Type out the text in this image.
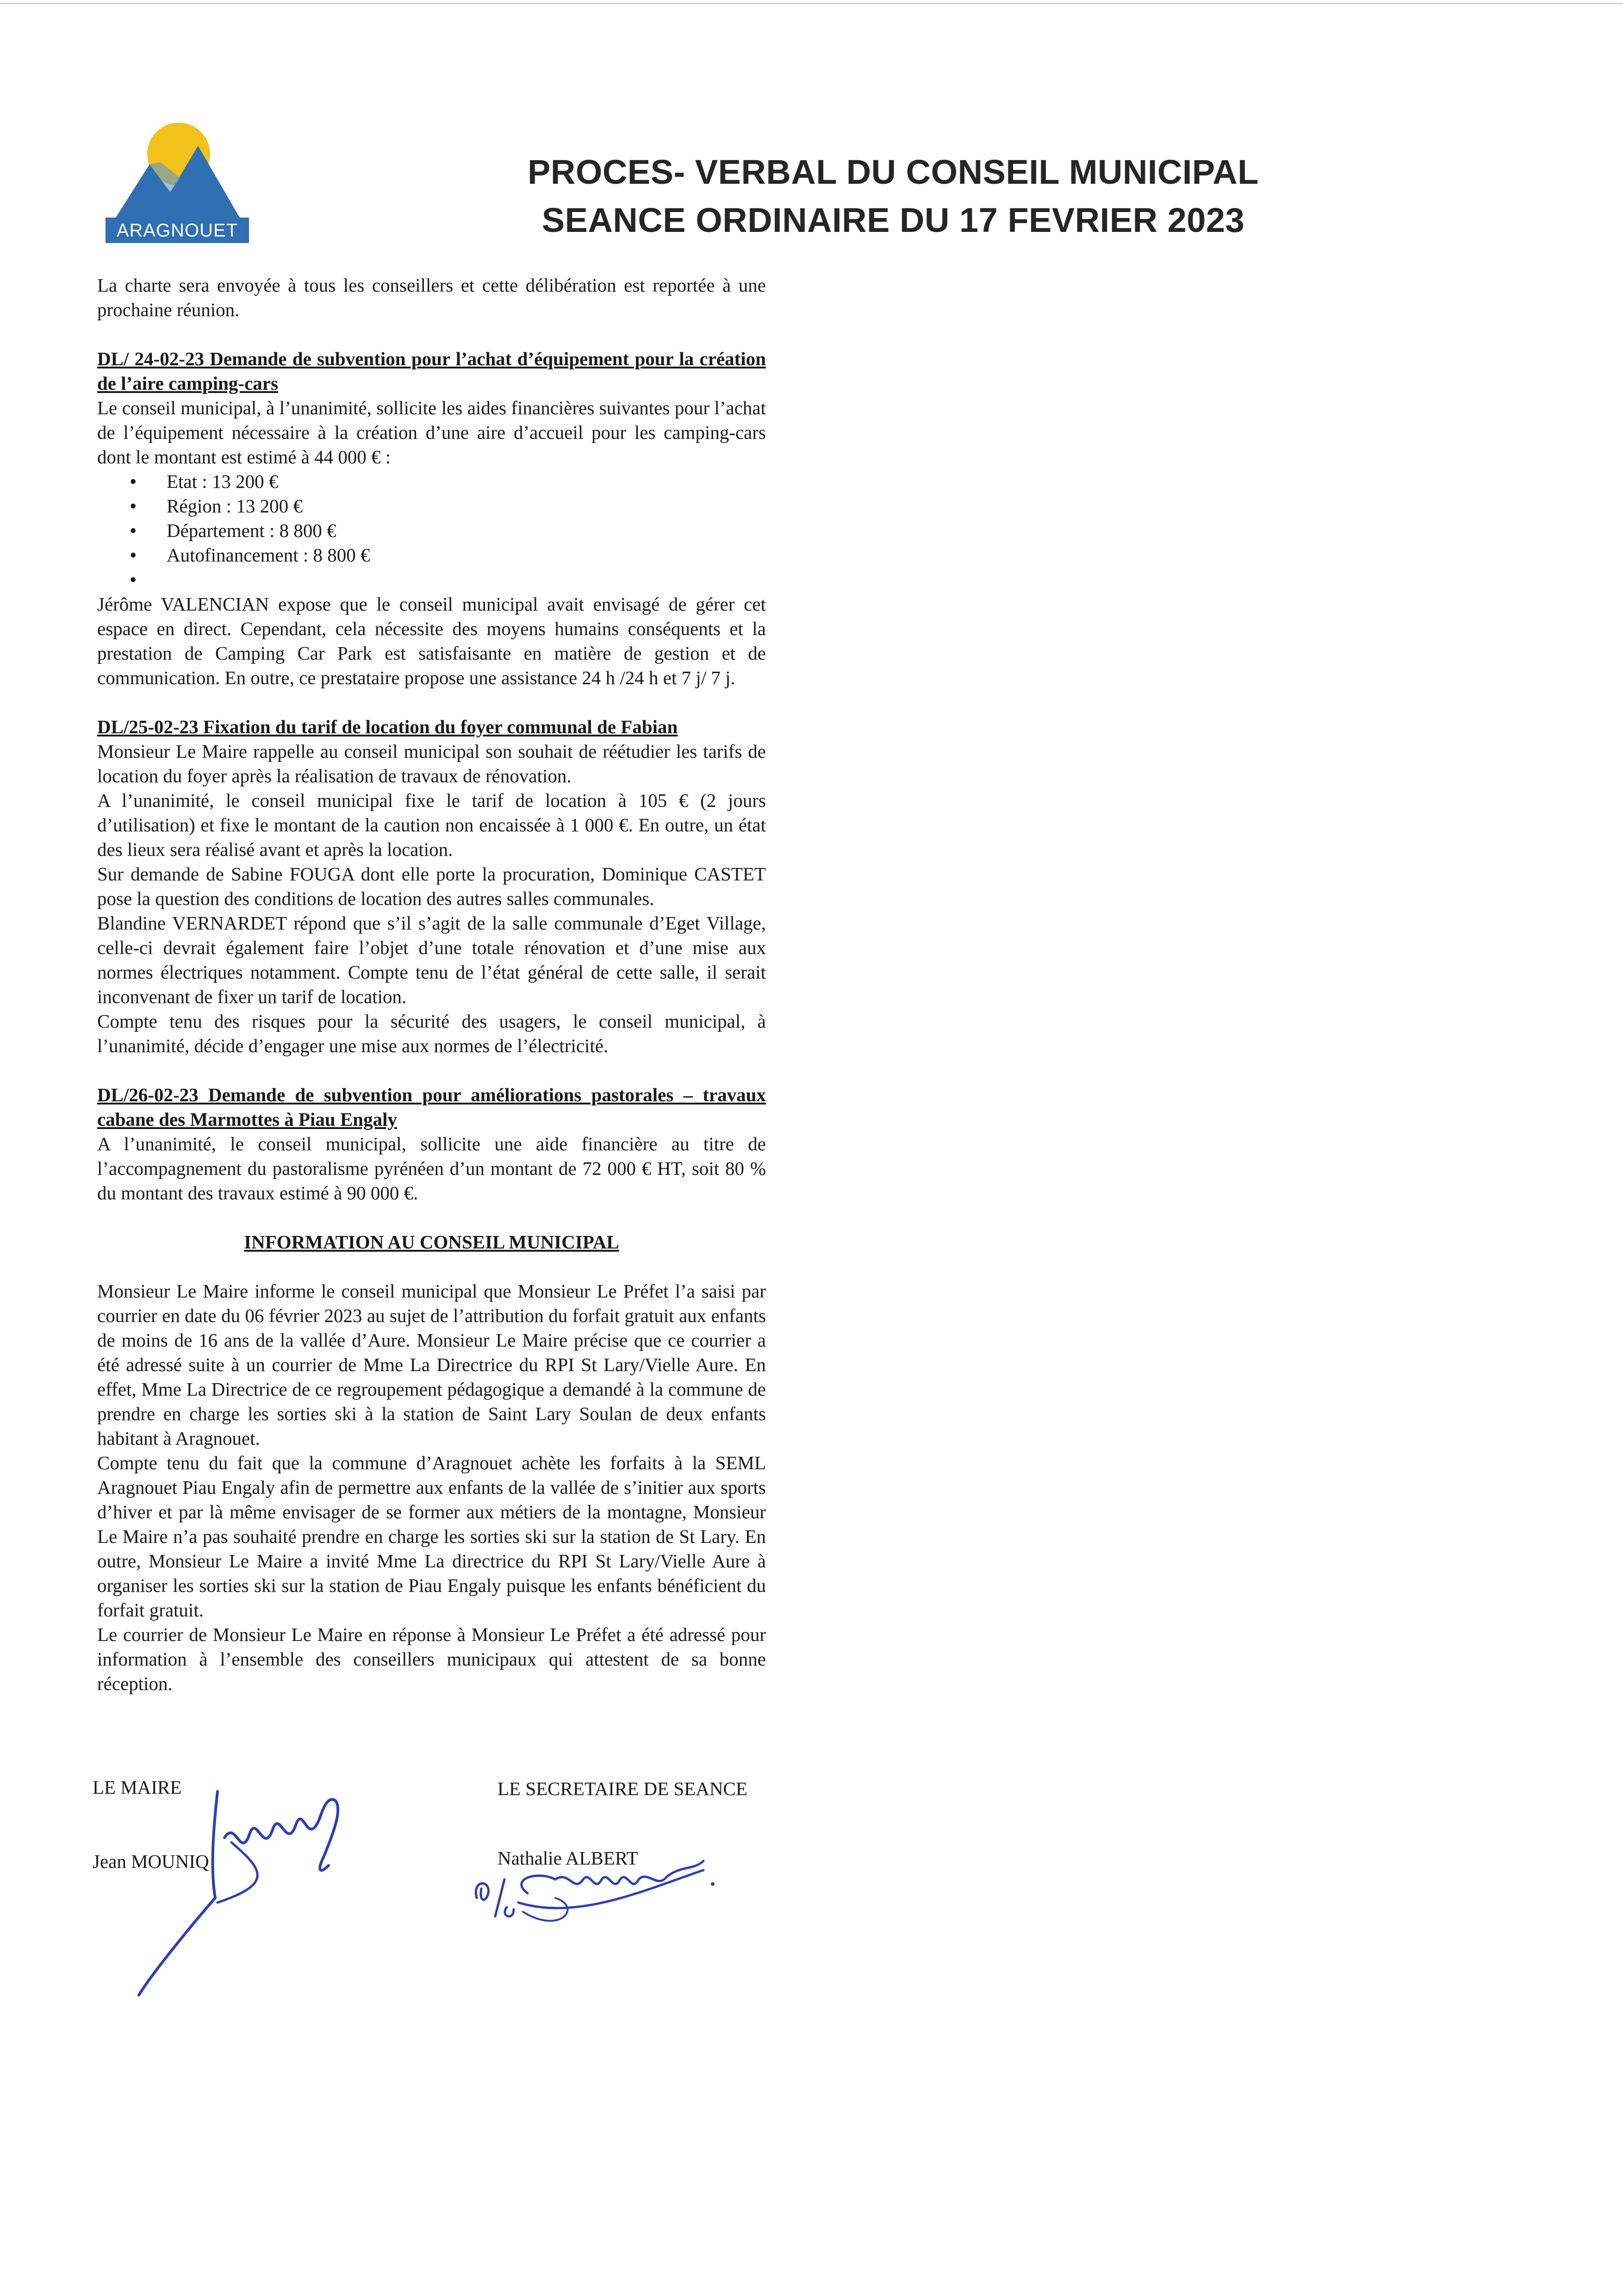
ARAGNOUET
PROCES- VERBAL DU CONSEIL MUNICIPAL
SEANCE ORDINAIRE DU 17 FEVRIER 2023

La charte sera envoyée à tous les conseillers et cette délibération est reportée à une prochaine réunion.

DL/ 24-02-23 Demande de subvention pour l’achat d’équipement pour la création de l’aire camping-cars

Le conseil municipal, à l’unanimité, sollicite les aides financières suivantes pour l’achat de l’équipement nécessaire à la création d’une aire d’accueil pour les camping-cars dont le montant est estimé à 44 000 € :

• Etat : 13 200 €
• Région : 13 200 €
• Département : 8 800 €
• Autofinancement : 8 800 €
•

Jérôme VALENCIAN expose que le conseil municipal avait envisagé de gérer cet espace en direct. Cependant, cela nécessite des moyens humains conséquents et la prestation de Camping Car Park est satisfaisante en matière de gestion et de communication. En outre, ce prestataire propose une assistance 24 h /24 h et 7 j/ 7 j.

DL/25-02-23 Fixation du tarif de location du foyer communal de Fabian

Monsieur Le Maire rappelle au conseil municipal son souhait de réétudier les tarifs de location du foyer après la réalisation de travaux de rénovation.

A l’unanimité, le conseil municipal fixe le tarif de location à 105 € (2 jours d’utilisation) et fixe le montant de la caution non encaissée à 1 000 €. En outre, un état des lieux sera réalisé avant et après la location.

Sur demande de Sabine FOUGA dont elle porte la procuration, Dominique CASTET pose la question des conditions de location des autres salles communales.

Blandine VERNARDET répond que s’il s’agit de la salle communale d’Eget Village, celle-ci devrait également faire l’objet d’une totale rénovation et d’une mise aux normes électriques notamment. Compte tenu de l’état général de cette salle, il serait inconvenant de fixer un tarif de location.

Compte tenu des risques pour la sécurité des usagers, le conseil municipal, à l’unanimité, décide d’engager une mise aux normes de l’électricité.

DL/26-02-23 Demande de subvention pour améliorations pastorales – travaux cabane des Marmottes à Piau Engaly

A l’unanimité, le conseil municipal, sollicite une aide financière au titre de l’accompagnement du pastoralisme pyrénéen d’un montant de 72 000 € HT, soit 80 % du montant des travaux estimé à 90 000 €.

INFORMATION AU CONSEIL MUNICIPAL

Monsieur Le Maire informe le conseil municipal que Monsieur Le Préfet l’a saisi par courrier en date du 06 février 2023 au sujet de l’attribution du forfait gratuit aux enfants de moins de 16 ans de la vallée d’Aure. Monsieur Le Maire précise que ce courrier a été adressé suite à un courrier de Mme La Directrice du RPI St Lary/Vielle Aure. En effet, Mme La Directrice de ce regroupement pédagogique a demandé à la commune de prendre en charge les sorties ski à la station de Saint Lary Soulan de deux enfants habitant à Aragnouet.

Compte tenu du fait que la commune d’Aragnouet achète les forfaits à la SEML Aragnouet Piau Engaly afin de permettre aux enfants de la vallée de s’initier aux sports d’hiver et par là même envisager de se former aux métiers de la montagne, Monsieur Le Maire n’a pas souhaité prendre en charge les sorties ski sur la station de St Lary. En outre, Monsieur Le Maire a invité Mme La directrice du RPI St Lary/Vielle Aure à organiser les sorties ski sur la station de Piau Engaly puisque les enfants bénéficient du forfait gratuit.

Le courrier de Monsieur Le Maire en réponse à Monsieur Le Préfet a été adressé pour information à l’ensemble des conseillers municipaux qui attestent de sa bonne réception.

LE MAIRE
Jean MOUNIQ
LE SECRETAIRE DE SEANCE
Nathalie ALBERT
